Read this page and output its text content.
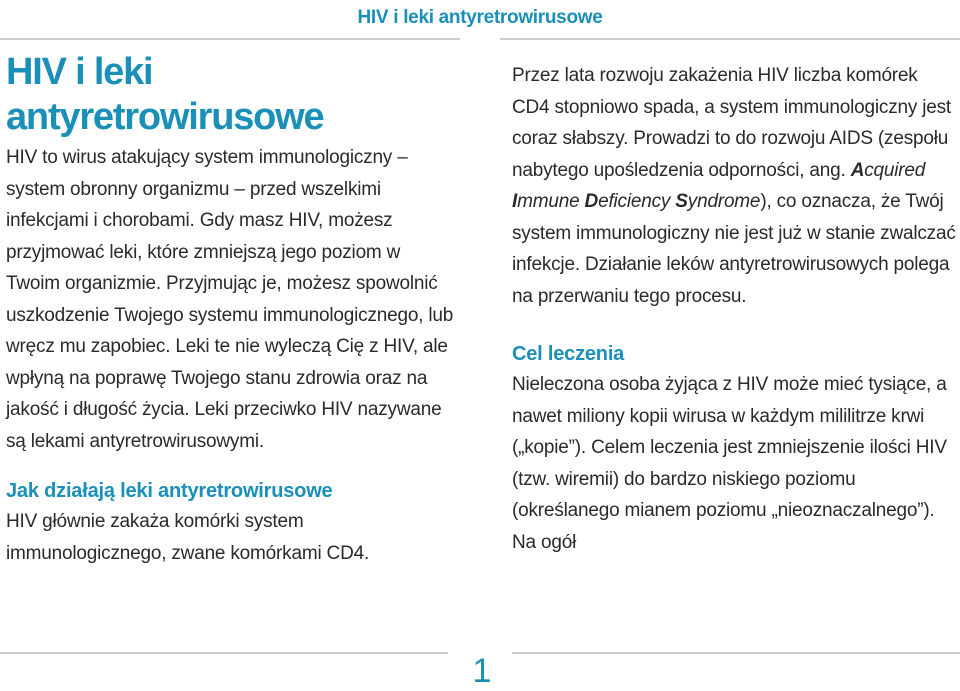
HIV i leki antyretrowirusowe
HIV i leki antyretrowirusowe

HIV to wirus atakujący system immunologiczny – system obronny organizmu – przed wszelkimi infekcjami i chorobami. Gdy masz HIV, możesz przyjmować leki, które zmniejszą jego poziom w Twoim organizmie. Przyjmując je, możesz spowolnić uszkodzenie Twojego systemu immunologicznego, lub wręcz mu zapobiec. Leki te nie wyleczą Cię z HIV, ale wpłyną na poprawę Twojego stanu zdrowia oraz na jakość i długość życia. Leki przeciwko HIV nazywane są lekami antyretrowirusowymi.

Jak działają leki antyretrowirusowe

HIV głównie zakaża komórki system immunologicznego, zwane komórkami CD4.

Przez lata rozwoju zakażenia HIV liczba komórek CD4 stopniowo spada, a system immunologiczny jest coraz słabszy. Prowadzi to do rozwoju AIDS (zespołu nabytego upośledzenia odporności, ang. Acquired
Immune Deficiency Syndrome), co oznacza, że Twój system immunologiczny nie jest już w stanie zwalczać infekcje. Działanie leków antyretrowirusowych polega na przerwaniu tego procesu.

Cel leczenia

Nieleczona osoba żyjąca z HIV może mieć tysiące, a nawet miliony kopii wirusa w każdym mililitrze krwi („kopie”). Celem leczenia jest zmniejszenie ilości HIV (tzw. wiremii) do bardzo niskiego poziomu (określanego mianem poziomu „nieoznaczalnego”). Na ogół

1
